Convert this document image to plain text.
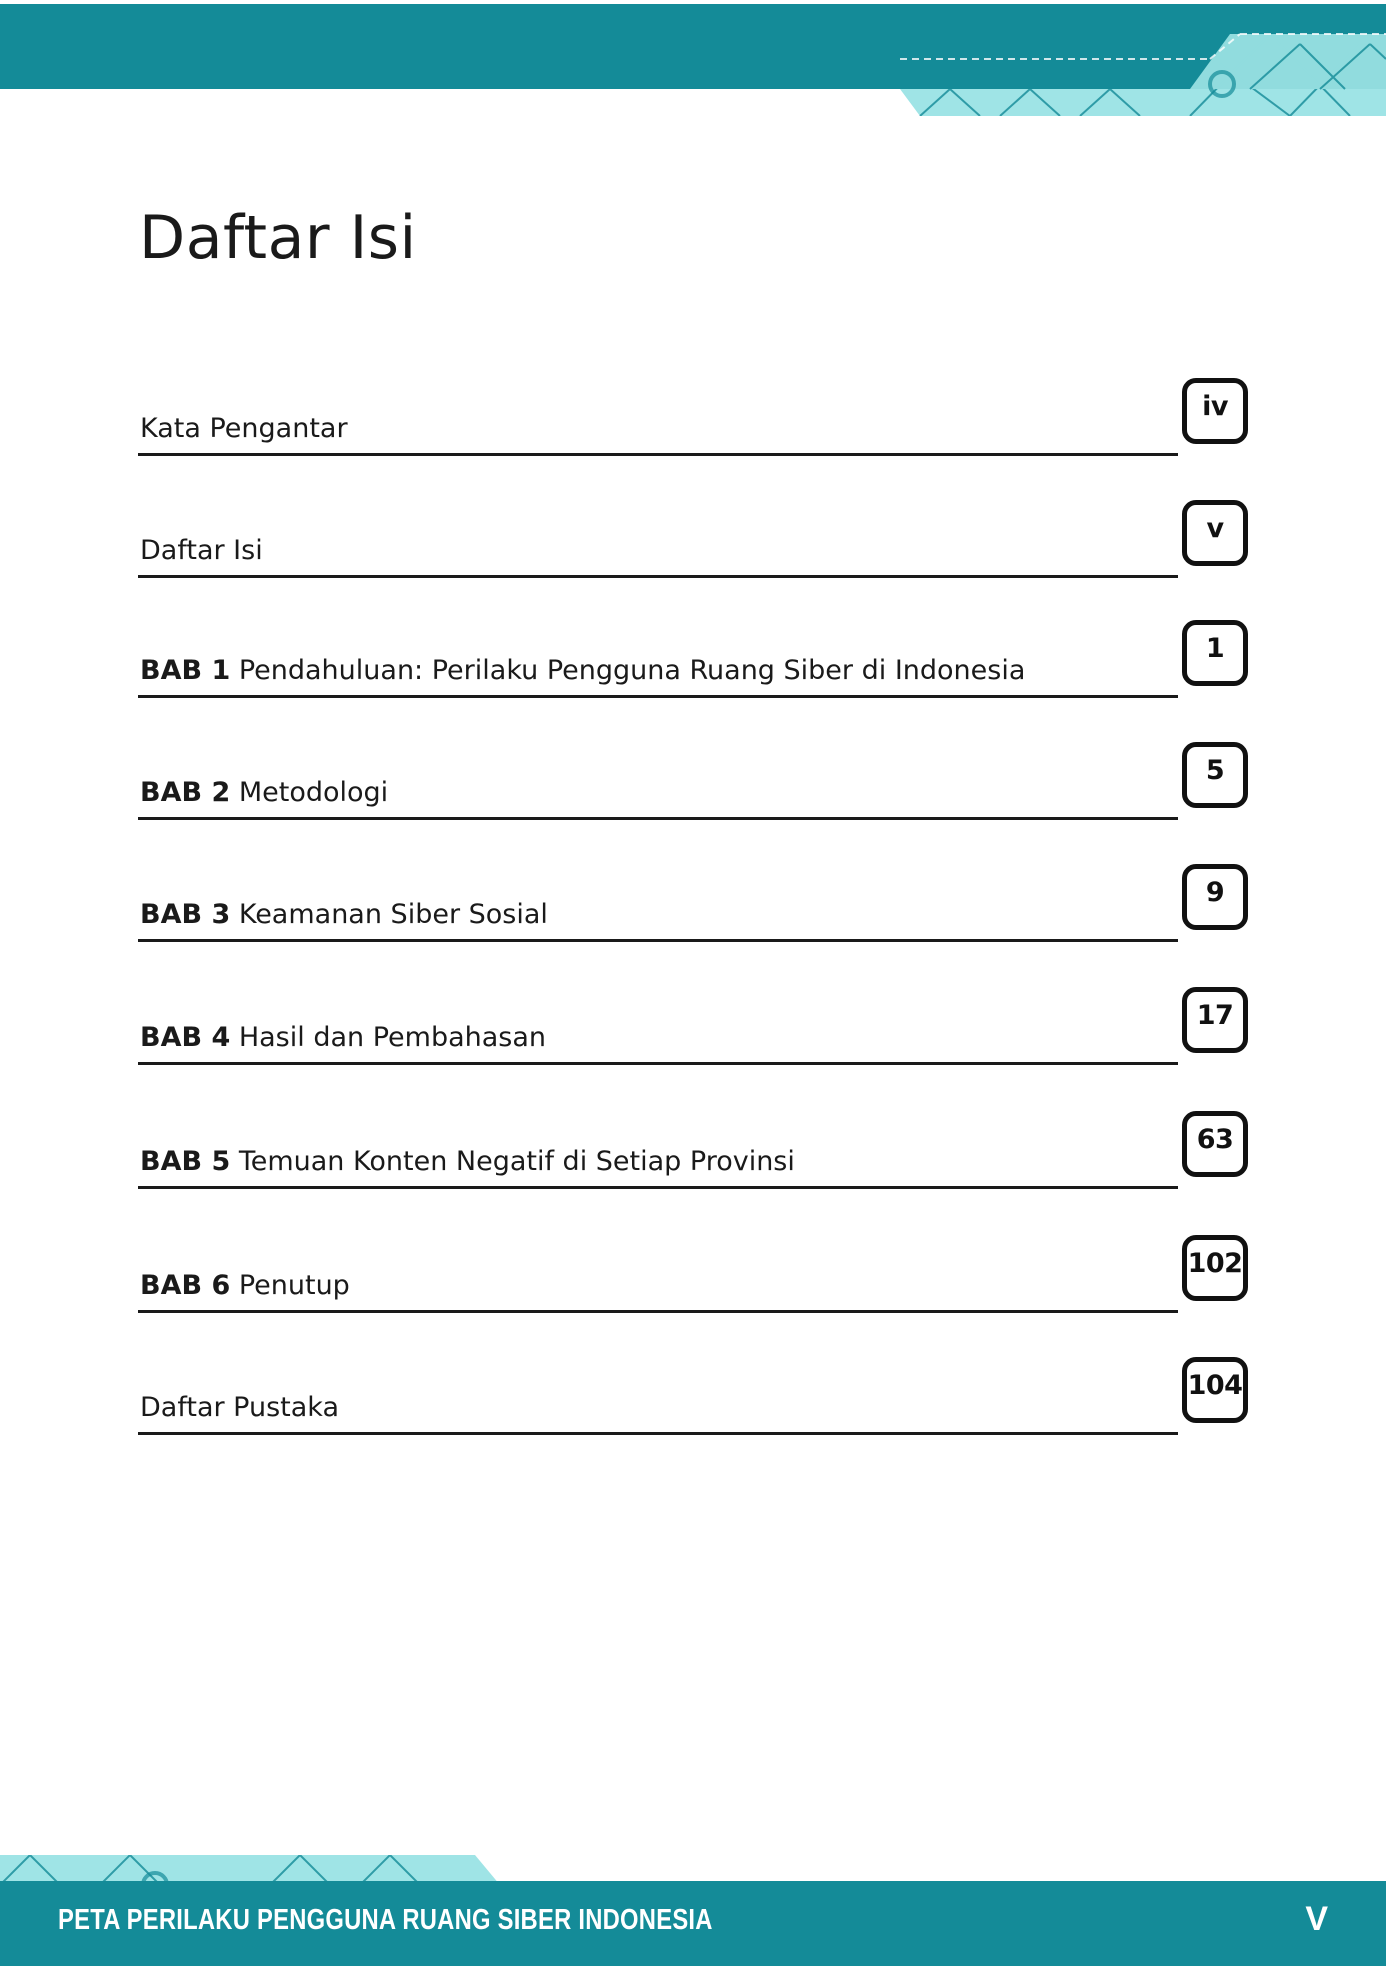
Daftar Isi
Kata Pengantar
iv
Daftar Isi
v
BAB 1 Pendahuluan: Perilaku Pengguna Ruang Siber di Indonesia
1
BAB 2 Metodologi
5
BAB 3 Keamanan Siber Sosial
9
BAB 4 Hasil dan Pembahasan
17
BAB 5 Temuan Konten Negatif di Setiap Provinsi
63
BAB 6 Penutup
102
Daftar Pustaka
104
PETA PERILAKU PENGGUNA RUANG SIBER INDONESIA	V
